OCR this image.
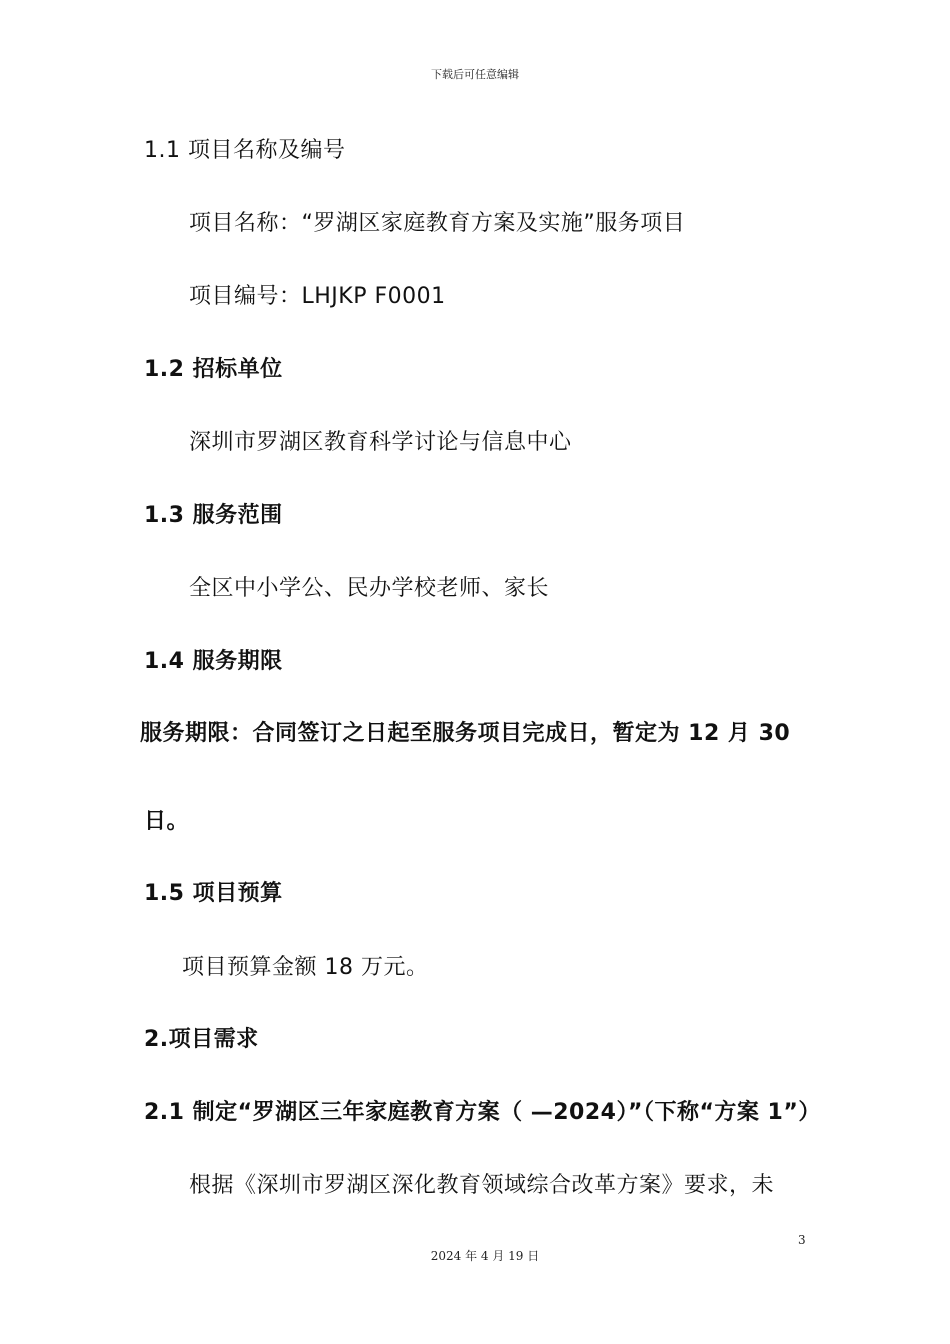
下载后可任意编辑
1.1 项目名称及编号
项目名称：“罗湖区家庭教育方案及实施”服务项目
项目编号：LHJKP F0001
1.2 招标单位
深圳市罗湖区教育科学讨论与信息中心
1.3 服务范围
全区中小学公、民办学校老师、家长
1.4 服务期限
服务期限：合同签订之日起至服务项目完成日，暂定为 12 月 30
日。
1.5 项目预算
项目预算金额 18 万元。
2.项目需求
2.1 制定“罗湖区三年家庭教育方案（ —2024）”（下称“方案 1”）
根据《深圳市罗湖区深化教育领域综合改革方案》要求，未
3
2024 年 4 月 19 日
